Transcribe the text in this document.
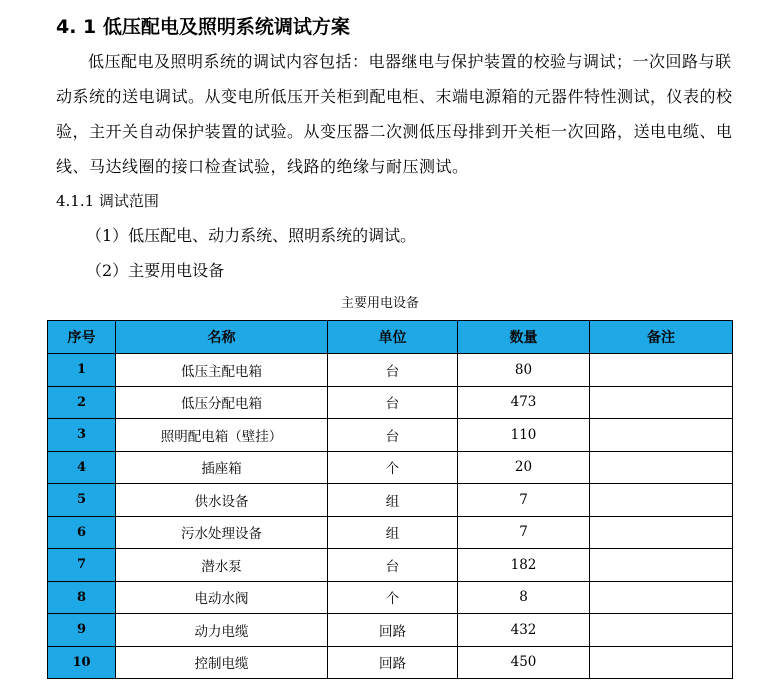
4. 1 低压配电及照明系统调试方案

低压配电及照明系统的调试内容包括：电器继电与保护装置的校验与调试；一次回路与联动系统的送电调试。从变电所低压开关柜到配电柜、末端电源箱的元器件特性测试，仪表的校验，主开关自动保护装置的试验。从变压器二次测低压母排到开关柜一次回路，送电电缆、电线、马达线圈的接口检查试验，线路的绝缘与耐压测试。

4.1.1 调试范围
（1）低压配电、动力系统、照明系统的调试。
（2）主要用电设备
主要用电设备
序号	名称	单位	数量	备注
1	低压主配电箱	台	80	
2	低压分配电箱	台	473	
3	照明配电箱（壁挂）	台	110	
4	插座箱	个	20	
5	供水设备	组	7	
6	污水处理设备	组	7	
7	潜水泵	台	182	
8	电动水阀	个	8	
9	动力电缆	回路	432	
10	控制电缆	回路	450	
